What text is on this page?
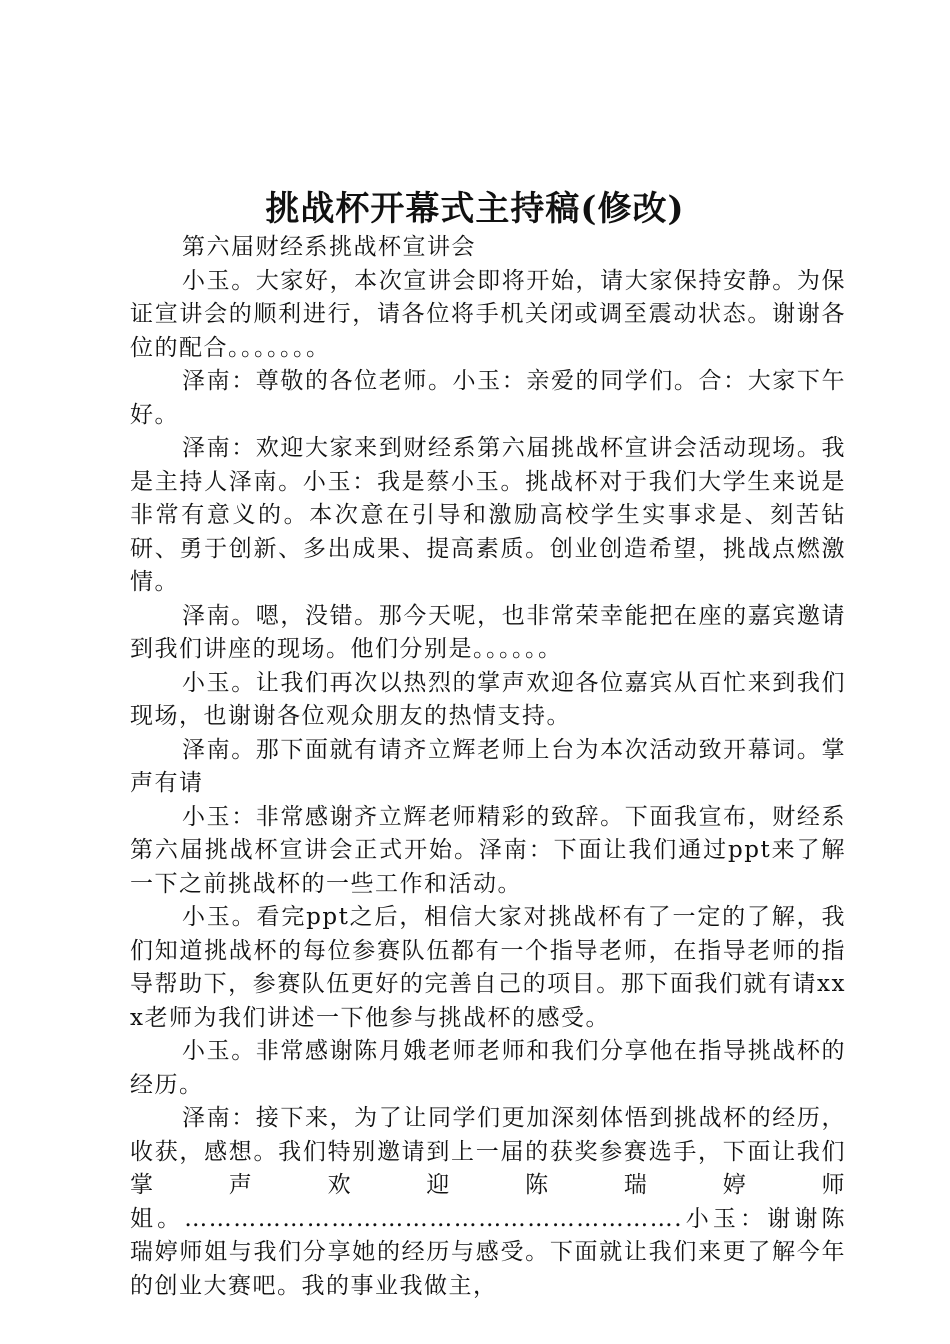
挑战杯开幕式主持稿(修改)

第六届财经系挑战杯宣讲会

小玉。大家好，本次宣讲会即将开始，请大家保持安静。为保证宣讲会的顺利进行，请各位将手机关闭或调至震动状态。谢谢各位的配合。。。。。。。

泽南：尊敬的各位老师。小玉：亲爱的同学们。合：大家下午好。

泽南：欢迎大家来到财经系第六届挑战杯宣讲会活动现场。我是主持人泽南。小玉：我是蔡小玉。挑战杯对于我们大学生来说是非常有意义的。本次意在引导和激励高校学生实事求是、刻苦钻研、勇于创新、多出成果、提高素质。创业创造希望，挑战点燃激情。

泽南。嗯，没错。那今天呢，也非常荣幸能把在座的嘉宾邀请到我们讲座的现场。他们分别是。。。。。。

小玉。让我们再次以热烈的掌声欢迎各位嘉宾从百忙来到我们现场，也谢谢各位观众朋友的热情支持。

泽南。那下面就有请齐立辉老师上台为本次活动致开幕词。掌声有请

小玉：非常感谢齐立辉老师精彩的致辞。下面我宣布，财经系第六届挑战杯宣讲会正式开始。泽南：下面让我们通过ppt来了解一下之前挑战杯的一些工作和活动。

小玉。看完ppt之后，相信大家对挑战杯有了一定的了解，我们知道挑战杯的每位参赛队伍都有一个指导老师，在指导老师的指导帮助下，参赛队伍更好的完善自己的项目。那下面我们就有请xxx老师为我们讲述一下他参与挑战杯的感受。

小玉。非常感谢陈月娥老师老师和我们分享他在指导挑战杯的经历。

泽南：接下来，为了让同学们更加深刻体悟到挑战杯的经历，收获，感想。我们特别邀请到上一届的获奖参赛选手，下面让我们掌声欢迎陈瑞婷师姐。…………………………………………………….小玉：谢谢陈瑞婷师姐与我们分享她的经历与感受。下面就让我们来更了解今年的创业大赛吧。我的事业我做主，
